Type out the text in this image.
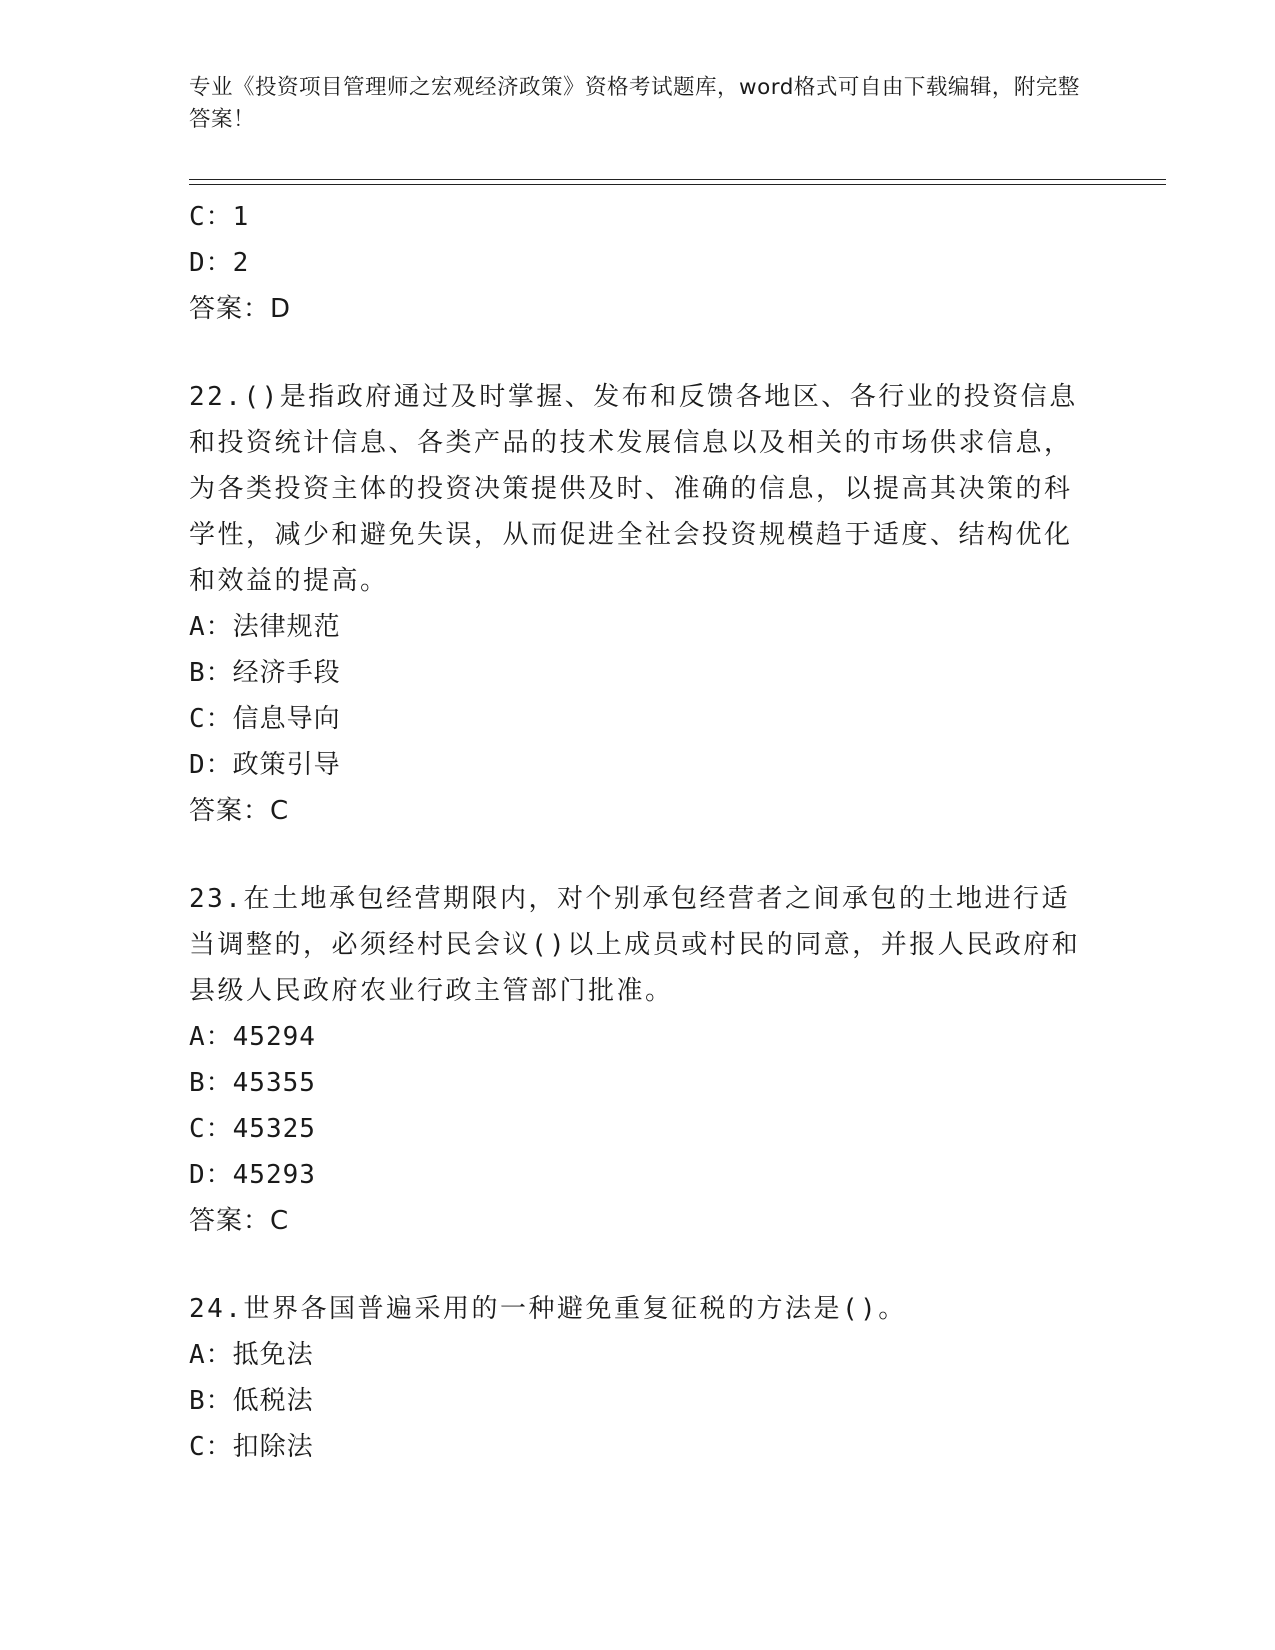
专业《投资项目管理师之宏观经济政策》资格考试题库，word格式可自由下载编辑，附完整答案！
C：1
D：2
答案：D

22.()是指政府通过及时掌握、发布和反馈各地区、各行业的投资信息和投资统计信息、各类产品的技术发展信息以及相关的市场供求信息，为各类投资主体的投资决策提供及时、准确的信息，以提高其决策的科学性，减少和避免失误，从而促进全社会投资规模趋于适度、结构优化和效益的提高。

A：法律规范
B：经济手段
C：信息导向
D：政策引导
答案：C

23.在土地承包经营期限内，对个别承包经营者之间承包的土地进行适当调整的，必须经村民会议()以上成员或村民的同意，并报人民政府和县级人民政府农业行政主管部门批准。

A：45294
B：45355
C：45325
D：45293
答案：C

24.世界各国普遍采用的一种避免重复征税的方法是()。

A：抵免法
B：低税法
C：扣除法
